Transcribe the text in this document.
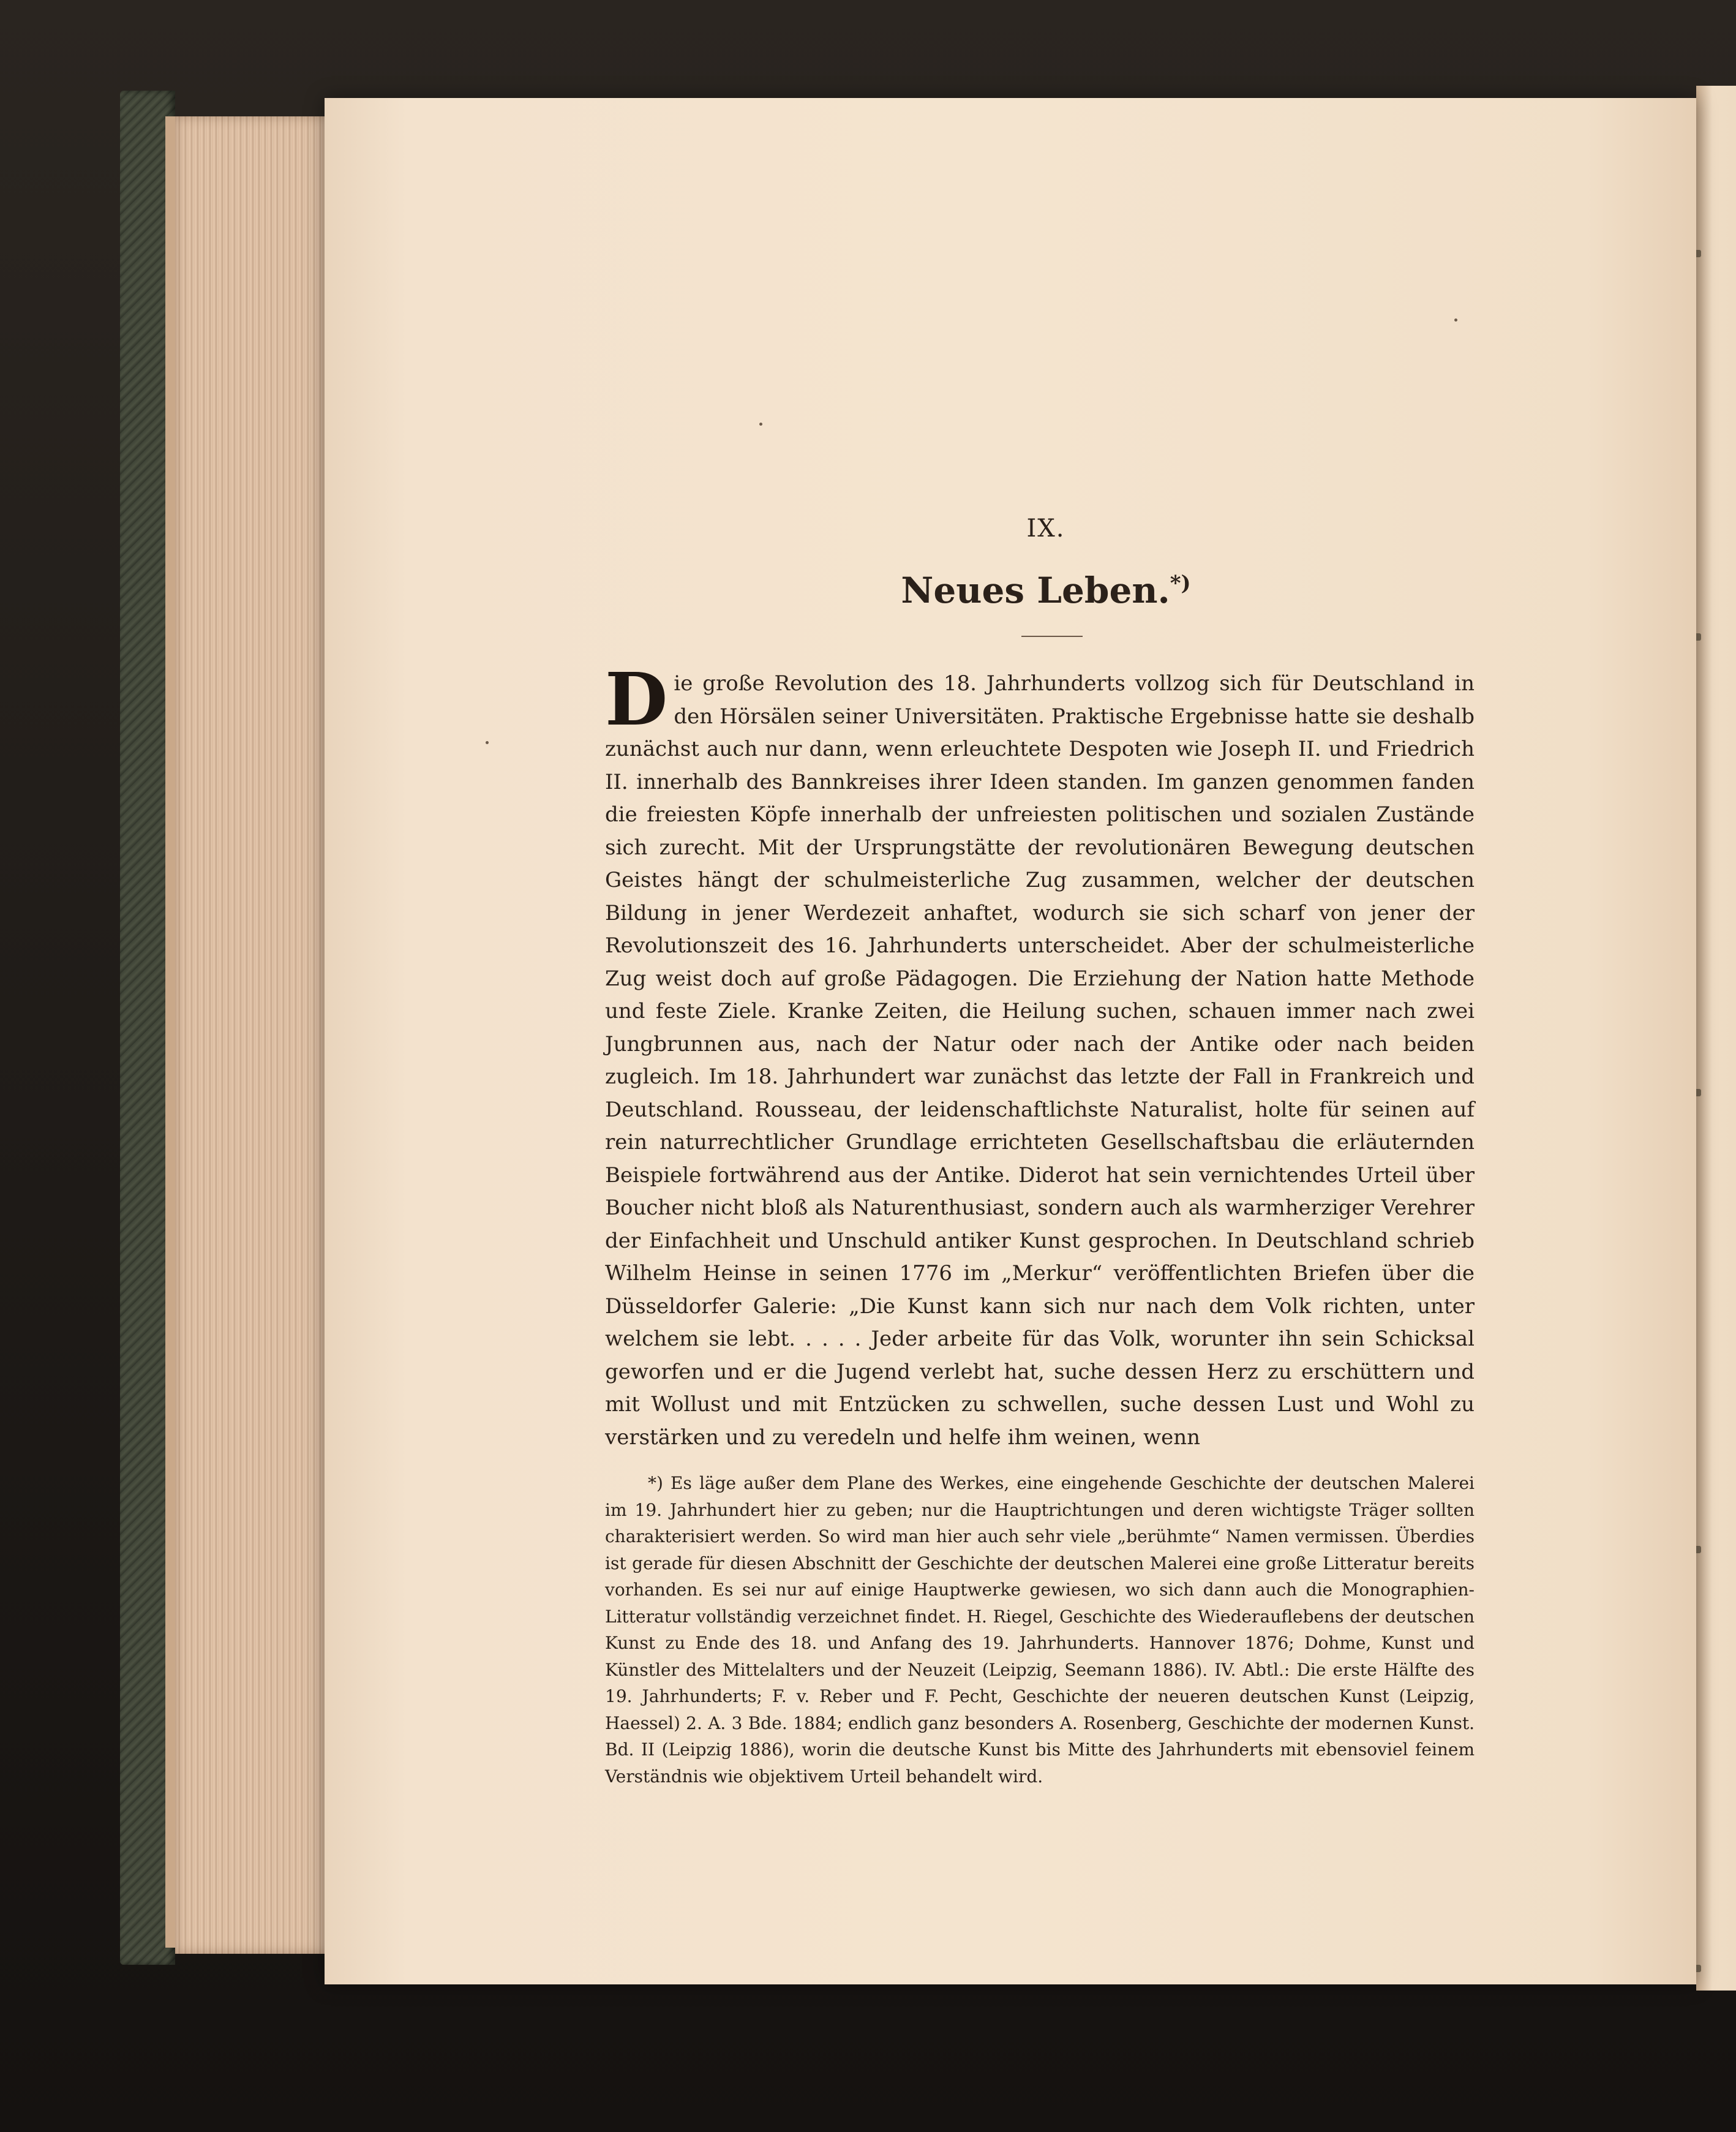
IX.
Neues Leben.*)

Die große Revolution des 18. Jahrhunderts vollzog sich für Deutschland in den Hörsälen seiner Universitäten. Praktische Ergebnisse hatte sie deshalb zunächst auch nur dann, wenn erleuchtete Despoten wie Joseph II. und Friedrich II. innerhalb des Bannkreises ihrer Ideen standen. Im ganzen genommen fanden die freiesten Köpfe innerhalb der unfreiesten politischen und sozialen Zustände sich zurecht. Mit der Ursprungstätte der revolutionären Bewegung deutschen Geistes hängt der schulmeisterliche Zug zusammen, welcher der deutschen Bildung in jener Werdezeit anhaftet, wodurch sie sich scharf von jener der Revolutionszeit des 16. Jahrhunderts unterscheidet. Aber der schulmeisterliche Zug weist doch auf große Pädagogen. Die Erziehung der Nation hatte Methode und feste Ziele. Kranke Zeiten, die Heilung suchen, schauen immer nach zwei Jungbrunnen aus, nach der Natur oder nach der Antike oder nach beiden zugleich. Im 18. Jahrhundert war zunächst das letzte der Fall in Frankreich und Deutschland. Rousseau, der leidenschaftlichste Naturalist, holte für seinen auf rein naturrechtlicher Grundlage errichteten Gesellschaftsbau die erläuternden Beispiele fortwährend aus der Antike. Diderot hat sein vernichtendes Urteil über Boucher nicht bloß als Naturenthusiast, sondern auch als warmherziger Verehrer der Einfachheit und Unschuld antiker Kunst gesprochen. In Deutschland schrieb Wilhelm Heinse in seinen 1776 im „Merkur“ veröffentlichten Briefen über die Düsseldorfer Galerie: „Die Kunst kann sich nur nach dem Volk richten, unter welchem sie lebt. . . . . Jeder arbeite für das Volk, worunter ihn sein Schicksal geworfen und er die Jugend verlebt hat, suche dessen Herz zu erschüttern und mit Wollust und mit Entzücken zu schwellen, suche dessen Lust und Wohl zu verstärken und zu veredeln und helfe ihm weinen, wenn

*) Es läge außer dem Plane des Werkes, eine eingehende Geschichte der deutschen Malerei im 19. Jahrhundert hier zu geben; nur die Hauptrichtungen und deren wichtigste Träger sollten charakterisiert werden. So wird man hier auch sehr viele „berühmte“ Namen vermissen. Überdies ist gerade für diesen Abschnitt der Geschichte der deutschen Malerei eine große Litteratur bereits vorhanden. Es sei nur auf einige Hauptwerke gewiesen, wo sich dann auch die Monographien-Litteratur vollständig verzeichnet findet. H. Riegel, Geschichte des Wiederauflebens der deutschen Kunst zu Ende des 18. und Anfang des 19. Jahrhunderts. Hannover 1876; Dohme, Kunst und Künstler des Mittelalters und der Neuzeit (Leipzig, Seemann 1886). IV. Abtl.: Die erste Hälfte des 19. Jahrhunderts; F. v. Reber und F. Pecht, Geschichte der neueren deutschen Kunst (Leipzig, Haessel) 2. A. 3 Bde. 1884; endlich ganz besonders A. Rosenberg, Geschichte der modernen Kunst. Bd. II (Leipzig 1886), worin die deutsche Kunst bis Mitte des Jahrhunderts mit ebensoviel feinem Verständnis wie objektivem Urteil behandelt wird.
